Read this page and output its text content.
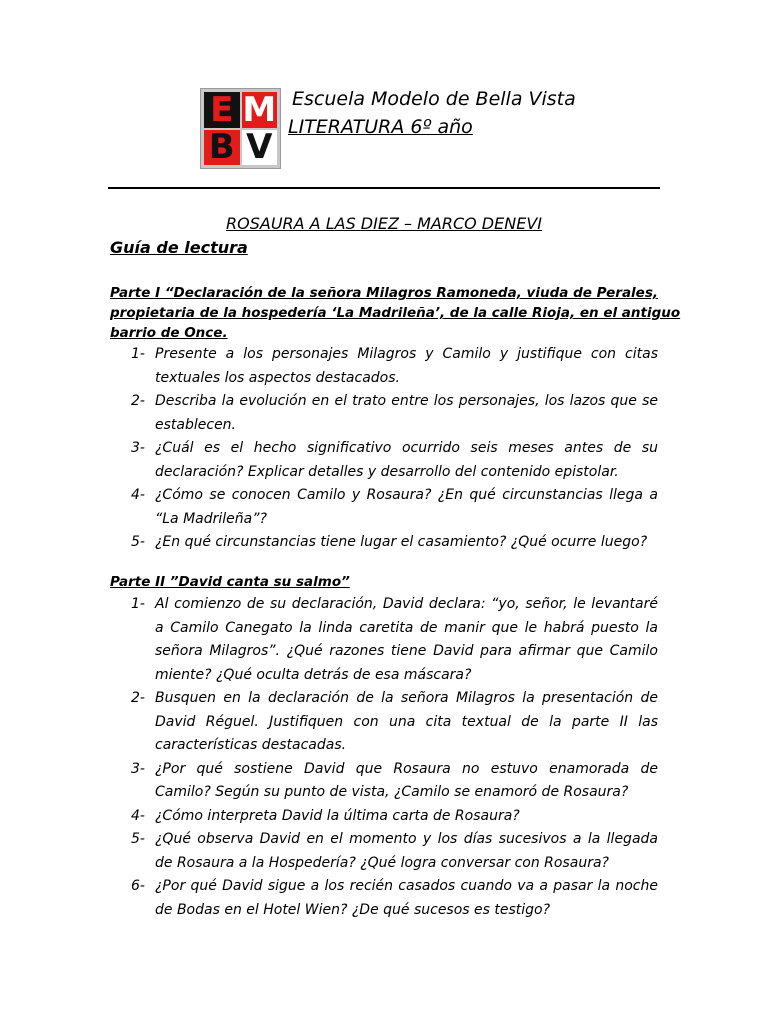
E M
B V
Escuela Modelo de Bella Vista
LITERATURA 6º año
ROSAURA A LAS DIEZ – MARCO DENEVI
Guía de lectura
Parte I “Declaración de la señora Milagros Ramoneda, viuda de Perales,
propietaria de la hospedería ‘La Madrileña’, de la calle Rioja, en el antiguo
barrio de Once.
1- Presente a los personajes Milagros y Camilo y justifique con citas
textuales los aspectos destacados.
2- Describa la evolución en el trato entre los personajes, los lazos que se
establecen.
3- ¿Cuál es el hecho significativo ocurrido seis meses antes de su
declaración? Explicar detalles y desarrollo del contenido epistolar.
4- ¿Cómo se conocen Camilo y Rosaura? ¿En qué circunstancias llega a
“La Madrileña”?
5- ¿En qué circunstancias tiene lugar el casamiento? ¿Qué ocurre luego?
Parte II ”David canta su salmo”
1- Al comienzo de su declaración, David declara: “yo, señor, le levantaré
a Camilo Canegato la linda caretita de manir que le habrá puesto la
señora Milagros”. ¿Qué razones tiene David para afirmar que Camilo
miente? ¿Qué oculta detrás de esa máscara?
2- Busquen en la declaración de la señora Milagros la presentación de
David Réguel. Justifiquen con una cita textual de la parte II las
características destacadas.
3- ¿Por qué sostiene David que Rosaura no estuvo enamorada de
Camilo? Según su punto de vista, ¿Camilo se enamoró de Rosaura?
4- ¿Cómo interpreta David la última carta de Rosaura?
5- ¿Qué observa David en el momento y los días sucesivos a la llegada
de Rosaura a la Hospedería? ¿Qué logra conversar con Rosaura?
6- ¿Por qué David sigue a los recién casados cuando va a pasar la noche
de Bodas en el Hotel Wien? ¿De qué sucesos es testigo?
